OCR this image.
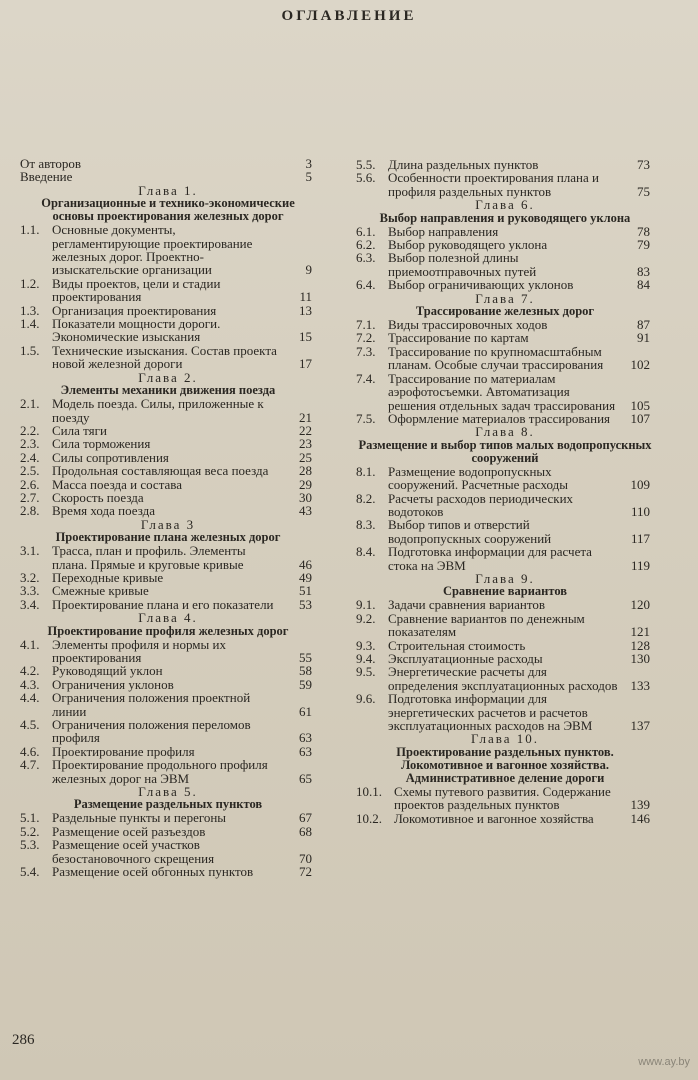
ОГЛАВЛЕНИЕ
От авторов	3
Введение	5
Глава 1.
Организационные и технико-экономические основы проектирования железных дорог
1.1. Основные документы, регламентирующие проектирование железных дорог. Проектно-изыскательские организации	9
1.2. Виды проектов, цели и стадии проектирования	11
1.3. Организация проектирования	13
1.4. Показатели мощности дороги. Экономические изыскания	15
1.5. Технические изыскания. Состав проекта новой железной дороги	17
Глава 2.
Элементы механики движения поезда
2.1. Модель поезда. Силы, приложенные к поезду	21
2.2. Сила тяги	22
2.3. Сила торможения	23
2.4. Силы сопротивления	25
2.5. Продольная составляющая веса поезда	28
2.6. Масса поезда и состава	29
2.7. Скорость поезда	30
2.8. Время хода поезда	43
Глава 3
Проектирование плана железных дорог
3.1. Трасса, план и профиль. Элементы плана. Прямые и круговые кривые	46
3.2. Переходные кривые	49
3.3. Смежные кривые	51
3.4. Проектирование плана и его показатели	53
Глава 4.
Проектирование профиля железных дорог
4.1. Элементы профиля и нормы их проектирования	55
4.2. Руководящий уклон	58
4.3. Ограничения уклонов	59
4.4. Ограничения положения проектной линии	61
4.5. Ограничения положения переломов профиля	63
4.6. Проектирование профиля	63
4.7. Проектирование продольного профиля железных дорог на ЭВМ	65
Глава 5.
Размещение раздельных пунктов
5.1. Раздельные пункты и перегоны	67
5.2. Размещение осей разъездов	68
5.3. Размещение осей участков безостановочного скрещения	70
5.4. Размещение осей обгонных пунктов	72
5.5. Длина раздельных пунктов	73
5.6. Особенности проектирования плана и профиля раздельных пунктов	75
Глава 6.
Выбор направления и руководящего уклона
6.1. Выбор направления	78
6.2. Выбор руководящего уклона	79
6.3. Выбор полезной длины приемоотправочных путей	83
6.4. Выбор ограничивающих уклонов	84
Глава 7.
Трассирование железных дорог
7.1. Виды трассировочных ходов	87
7.2. Трассирование по картам	91
7.3. Трассирование по крупномасштабным планам. Особые случаи трассирования	102
7.4. Трассирование по материалам аэрофотосъемки. Автоматизация решения отдельных задач трассирования	105
7.5. Оформление материалов трассирования	107
Глава 8.
Размещение и выбор типов малых водопропускных сооружений
8.1. Размещение водопропускных сооружений. Расчетные расходы	109
8.2. Расчеты расходов периодических водотоков	110
8.3. Выбор типов и отверстий водопропускных сооружений	117
8.4. Подготовка информации для расчета стока на ЭВМ	119
Глава 9.
Сравнение вариантов
9.1. Задачи сравнения вариантов	120
9.2. Сравнение вариантов по денежным показателям	121
9.3. Строительная стоимость	128
9.4. Эксплуатационные расходы	130
9.5. Энергетические расчеты для определения эксплуатационных расходов 133
9.6. Подготовка информации для энергетических расчетов и расчетов эксплуатационных расходов на ЭВМ	137
Глава 10.
Проектирование раздельных пунктов. Локомотивное и вагонное хозяйства. Административное деление дороги
10.1. Схемы путевого развития. Содержание проектов раздельных пунктов	139
10.2. Локомотивное и вагонное хозяйства	146
286
www.ay.by
